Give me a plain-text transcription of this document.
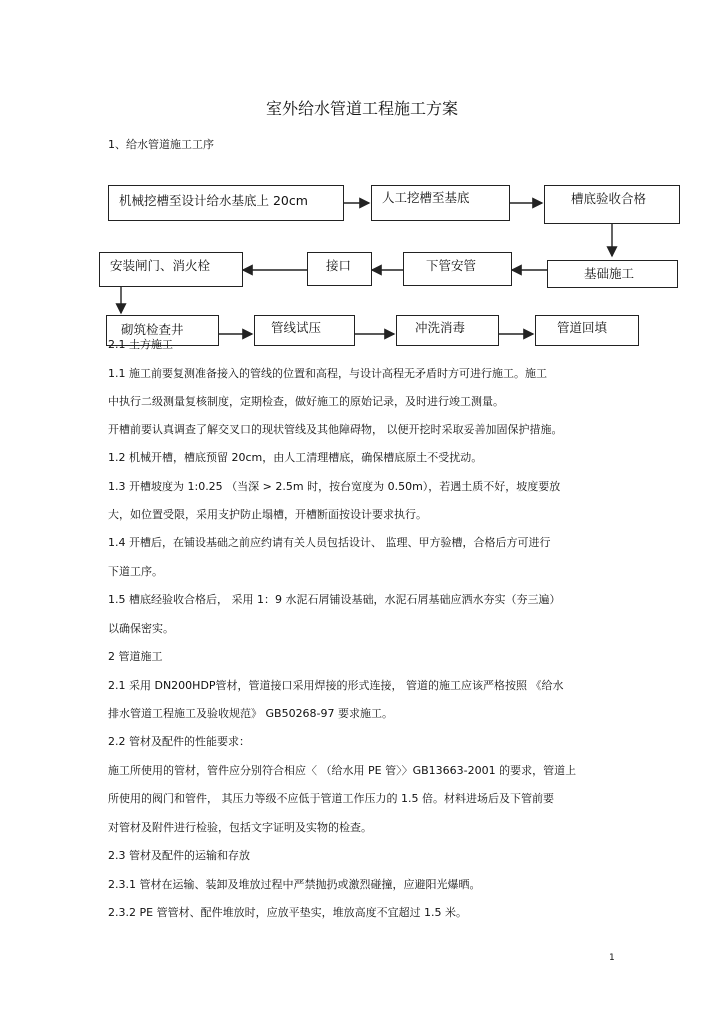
室外给水管道工程施工方案
1、给水管道施工工序
机械挖槽至设计给水基底上 20cm	人工挖槽至基底	槽底验收合格
安装闸门、消火栓	接口	下管安管
基础施工
砌筑检查井	管线试压	冲洗消毒	管道回填
2.1 土方施工
1.1 施工前要复测准备接入的管线的位置和高程，与设计高程无矛盾时方可进行施工。施工
中执行二级测量复核制度，定期检查，做好施工的原始记录，及时进行竣工测量。
开槽前要认真调查了解交叉口的现状管线及其他障碍物， 以便开挖时采取妥善加固保护措施。
1.2 机械开槽，槽底预留 20cm，由人工清理槽底，确保槽底原土不受扰动。
1.3 开槽坡度为 1:0.25 （当深 > 2.5m 时，按台宽度为 0.50m），若遇土质不好，坡度要放
大，如位置受限，采用支护防止塌槽，开槽断面按设计要求执行。
1.4 开槽后，在铺设基础之前应约请有关人员包括设计、 监理、甲方验槽，合格后方可进行
下道工序。
1.5 槽底经验收合格后， 采用 1：9 水泥石屑铺设基础，水泥石屑基础应洒水夯实（夯三遍）
以确保密实。
2 管道施工
2.1 采用 DN200HDP管材，管道接口采用焊接的形式连接， 管道的施工应该严格按照 《给水
排水管道工程施工及验收规范》 GB50268-97 要求施工。
2.2 管材及配件的性能要求：
施工所使用的管材，管件应分别符合相应〈 （给水用 PE 管〉〉GB13663-2001 的要求，管道上
所使用的阀门和管件， 其压力等级不应低于管道工作压力的 1.5 倍。材料进场后及下管前要
对管材及附件进行检验，包括文字证明及实物的检查。
2.3 管材及配件的运输和存放
2.3.1 管材在运输、装卸及堆放过程中严禁抛扔或激烈碰撞，应避阳光爆晒。
2.3.2 PE 管管材、配件堆放时，应放平垫实，堆放高度不宜超过 1.5 米。
1
